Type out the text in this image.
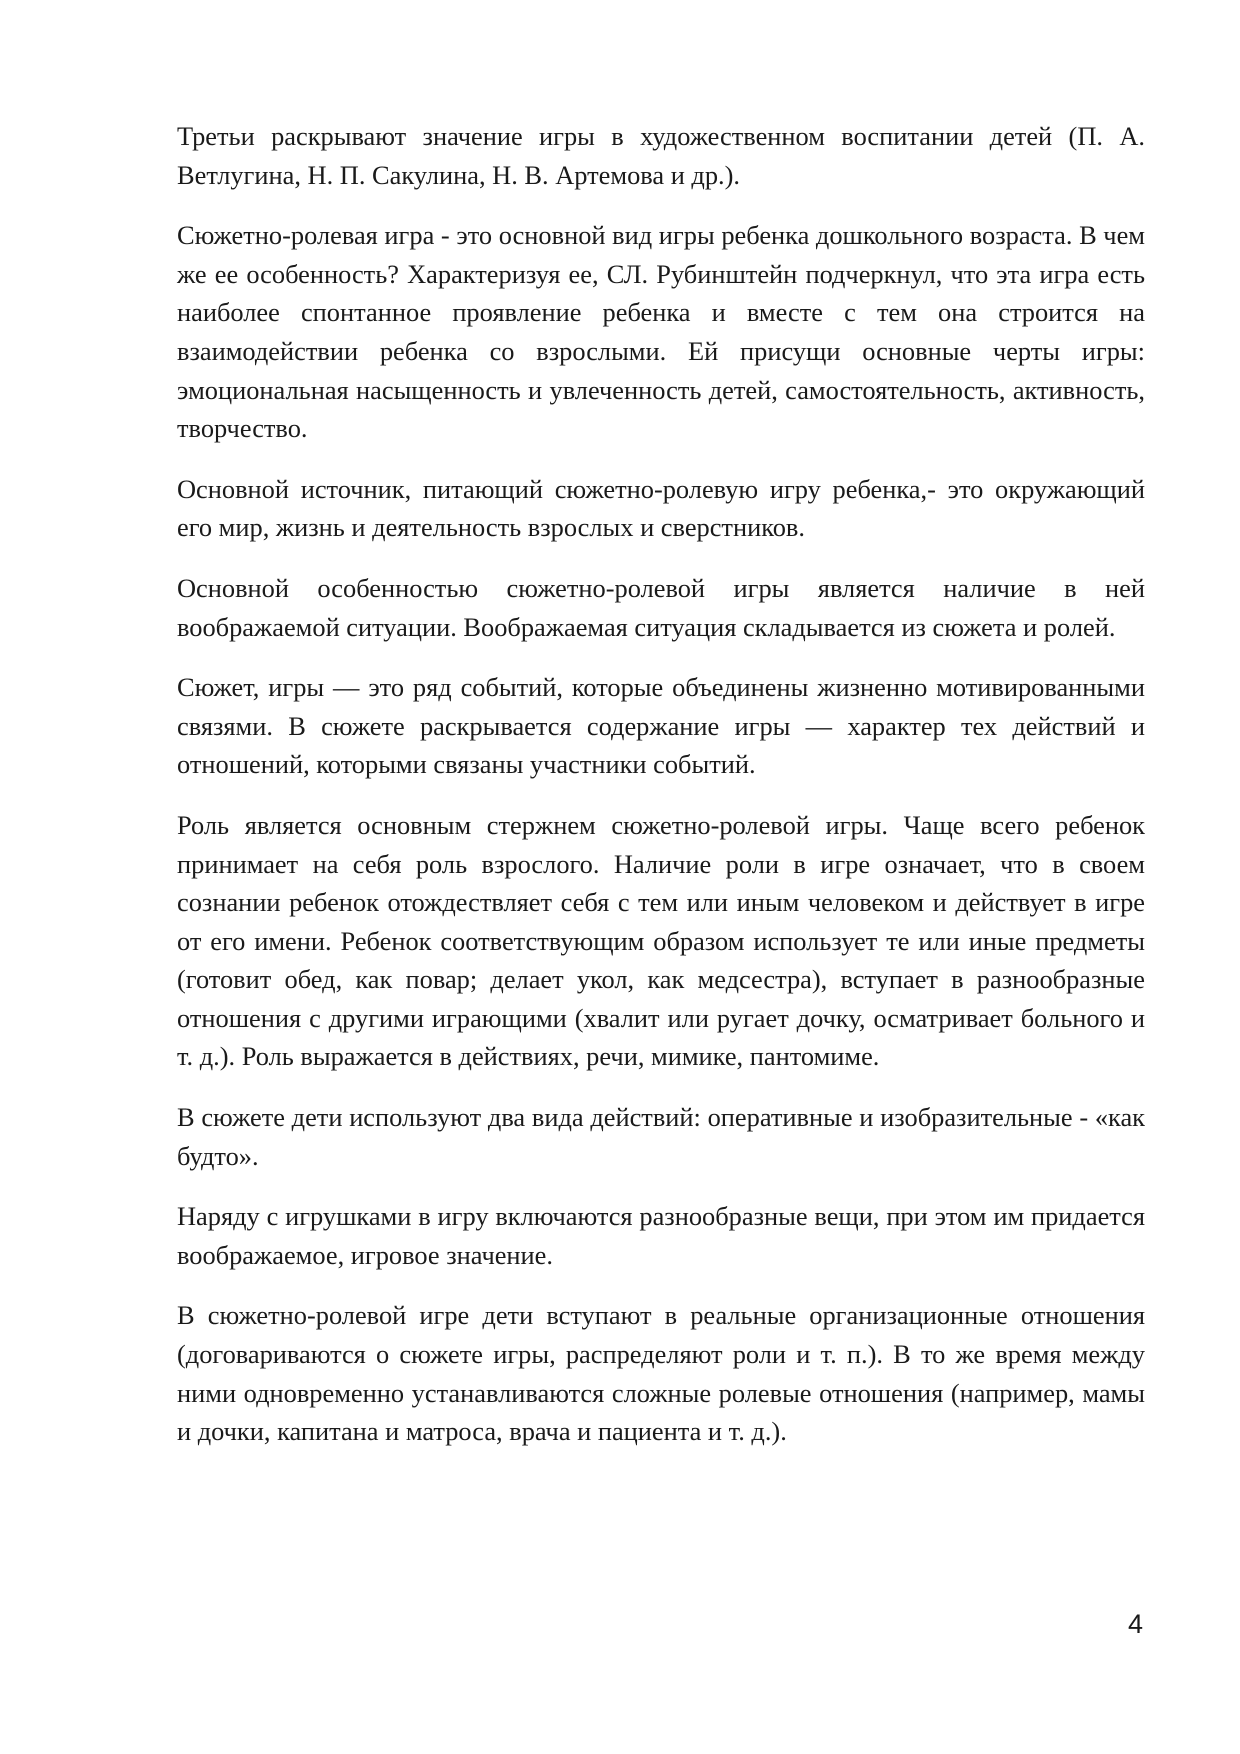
Третьи раскрывают значение игры в художественном воспитании детей (П. А. Ветлугина, Н. П. Сакулина, Н. В. Артемова и др.).

Сюжетно-ролевая игра - это основной вид игры ребенка дошкольного возраста. В чем же ее особенность? Характеризуя ее, СЛ. Рубинштейн подчеркнул, что эта игра есть наиболее спонтанное проявление ребенка и вместе с тем она строится на взаимодействии ребенка со взрослыми. Ей присущи основные черты игры: эмоциональная насыщенность и увлеченность детей, самостоятельность, активность, творчество.

Основной источник, питающий сюжетно-ролевую игру ребенка,- это окружающий его мир, жизнь и деятельность взрослых и сверстников.

Основной особенностью сюжетно-ролевой игры является наличие в ней воображаемой ситуации. Воображаемая ситуация складывается из сюжета и ролей.

Сюжет, игры — это ряд событий, которые объединены жизненно мотивированными связями. В сюжете раскрывается содержание игры — характер тех действий и отношений, которыми связаны участники событий.

Роль является основным стержнем сюжетно-ролевой игры. Чаще всего ребенок принимает на себя роль взрослого. Наличие роли в игре означает, что в своем сознании ребенок отождествляет себя с тем или иным человеком и действует в игре от его имени. Ребенок соответствующим образом использует те или иные предметы (готовит обед, как повар; делает укол, как медсестра), вступает в разнообразные отношения с другими играющими (хвалит или ругает дочку, осматривает больного и т. д.). Роль выражается в действиях, речи, мимике, пантомиме.

В сюжете дети используют два вида действий: оперативные и изобразительные - «как будто».

Наряду с игрушками в игру включаются разнообразные вещи, при этом им придается воображаемое, игровое значение.

В сюжетно-ролевой игре дети вступают в реальные организационные отношения (договариваются о сюжете игры, распределяют роли и т. п.). В то же время между ними одновременно устанавливаются сложные ролевые отношения (например, мамы и дочки, капитана и матроса, врача и пациента и т. д.).

4
